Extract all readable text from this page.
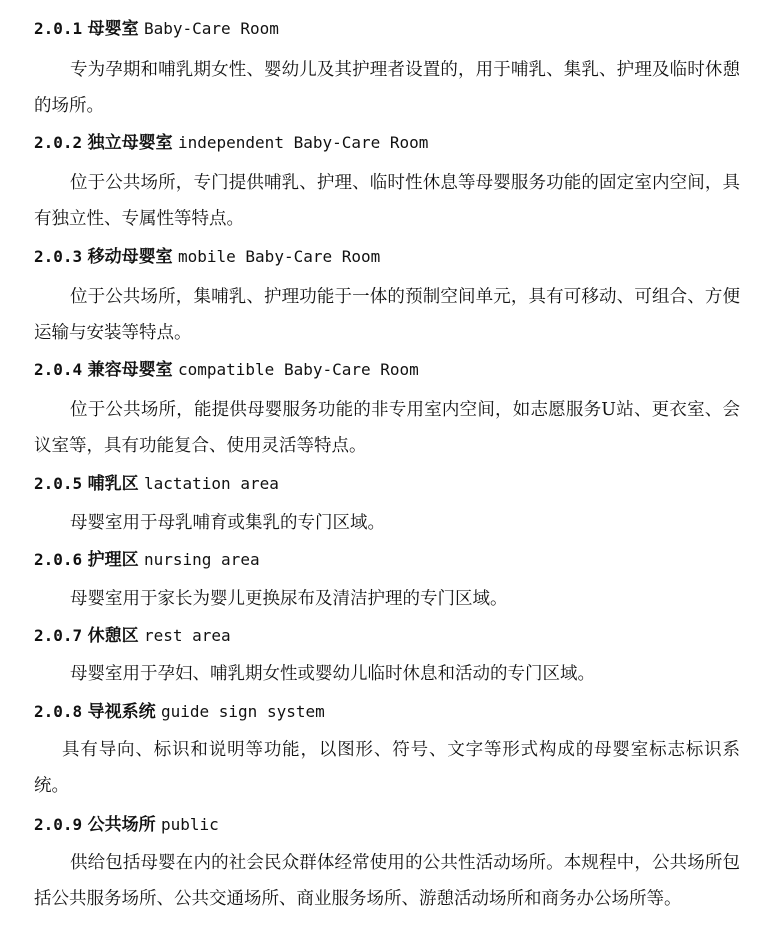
2.0.1 母婴室 Baby-Care Room

专为孕期和哺乳期女性、婴幼儿及其护理者设置的，用于哺乳、集乳、护理及临时休憩的场所。

2.0.2 独立母婴室 independent Baby-Care Room

位于公共场所，专门提供哺乳、护理、临时性休息等母婴服务功能的固定室内空间，具有独立性、专属性等特点。

2.0.3 移动母婴室 mobile Baby-Care Room

位于公共场所，集哺乳、护理功能于一体的预制空间单元，具有可移动、可组合、方便运输与安装等特点。

2.0.4 兼容母婴室 compatible Baby-Care Room

位于公共场所，能提供母婴服务功能的非专用室内空间，如志愿服务U站、更衣室、会议室等，具有功能复合、使用灵活等特点。

2.0.5 哺乳区 lactation area

母婴室用于母乳哺育或集乳的专门区域。

2.0.6 护理区 nursing area

母婴室用于家长为婴儿更换尿布及清洁护理的专门区域。

2.0.7 休憩区 rest area

母婴室用于孕妇、哺乳期女性或婴幼儿临时休息和活动的专门区域。

2.0.8 导视系统 guide sign system

具有导向、标识和说明等功能，以图形、符号、文字等形式构成的母婴室标志标识系统。

2.0.9 公共场所 public

供给包括母婴在内的社会民众群体经常使用的公共性活动场所。本规程中，公共场所包括公共服务场所、公共交通场所、商业服务场所、游憩活动场所和商务办公场所等。
